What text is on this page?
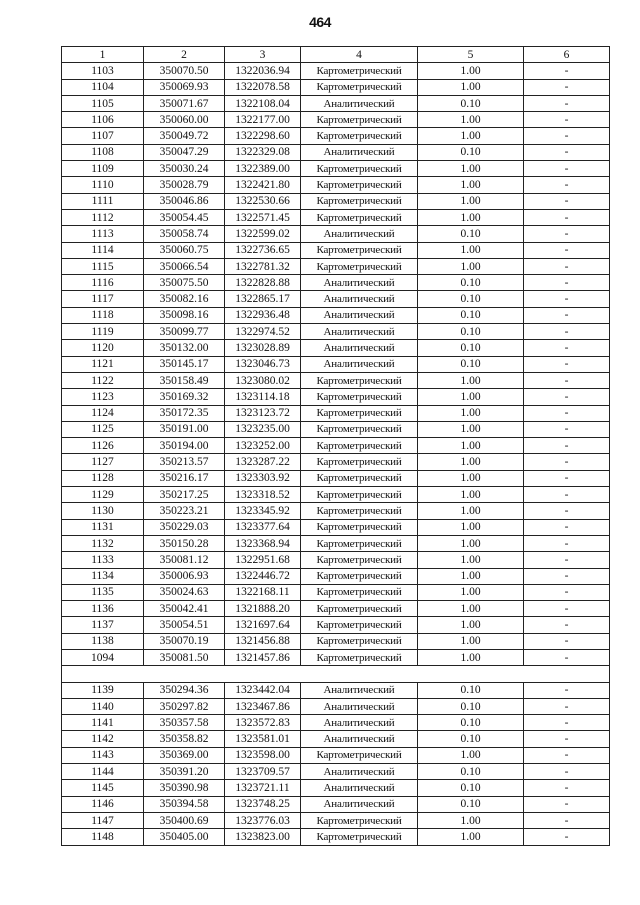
464
1	2	3	4	5	6
1103	350070.50	1322036.94	Картометрический	1.00	-
1104	350069.93	1322078.58	Картометрический	1.00	-
1105	350071.67	1322108.04	Аналитический	0.10	-
1106	350060.00	1322177.00	Картометрический	1.00	-
1107	350049.72	1322298.60	Картометрический	1.00	-
1108	350047.29	1322329.08	Аналитический	0.10	-
1109	350030.24	1322389.00	Картометрический	1.00	-
1110	350028.79	1322421.80	Картометрический	1.00	-
1111	350046.86	1322530.66	Картометрический	1.00	-
1112	350054.45	1322571.45	Картометрический	1.00	-
1113	350058.74	1322599.02	Аналитический	0.10	-
1114	350060.75	1322736.65	Картометрический	1.00	-
1115	350066.54	1322781.32	Картометрический	1.00	-
1116	350075.50	1322828.88	Аналитический	0.10	-
1117	350082.16	1322865.17	Аналитический	0.10	-
1118	350098.16	1322936.48	Аналитический	0.10	-
1119	350099.77	1322974.52	Аналитический	0.10	-
1120	350132.00	1323028.89	Аналитический	0.10	-
1121	350145.17	1323046.73	Аналитический	0.10	-
1122	350158.49	1323080.02	Картометрический	1.00	-
1123	350169.32	1323114.18	Картометрический	1.00	-
1124	350172.35	1323123.72	Картометрический	1.00	-
1125	350191.00	1323235.00	Картометрический	1.00	-
1126	350194.00	1323252.00	Картометрический	1.00	-
1127	350213.57	1323287.22	Картометрический	1.00	-
1128	350216.17	1323303.92	Картометрический	1.00	-
1129	350217.25	1323318.52	Картометрический	1.00	-
1130	350223.21	1323345.92	Картометрический	1.00	-
1131	350229.03	1323377.64	Картометрический	1.00	-
1132	350150.28	1323368.94	Картометрический	1.00	-
1133	350081.12	1322951.68	Картометрический	1.00	-
1134	350006.93	1322446.72	Картометрический	1.00	-
1135	350024.63	1322168.11	Картометрический	1.00	-
1136	350042.41	1321888.20	Картометрический	1.00	-
1137	350054.51	1321697.64	Картометрический	1.00	-
1138	350070.19	1321456.88	Картометрический	1.00	-
1094	350081.50	1321457.86	Картометрический	1.00	-

1139	350294.36	1323442.04	Аналитический	0.10	-
1140	350297.82	1323467.86	Аналитический	0.10	-
1141	350357.58	1323572.83	Аналитический	0.10	-
1142	350358.82	1323581.01	Аналитический	0.10	-
1143	350369.00	1323598.00	Картометрический	1.00	-
1144	350391.20	1323709.57	Аналитический	0.10	-
1145	350390.98	1323721.11	Аналитический	0.10	-
1146	350394.58	1323748.25	Аналитический	0.10	-
1147	350400.69	1323776.03	Картометрический	1.00	-
1148	350405.00	1323823.00	Картометрический	1.00	-
